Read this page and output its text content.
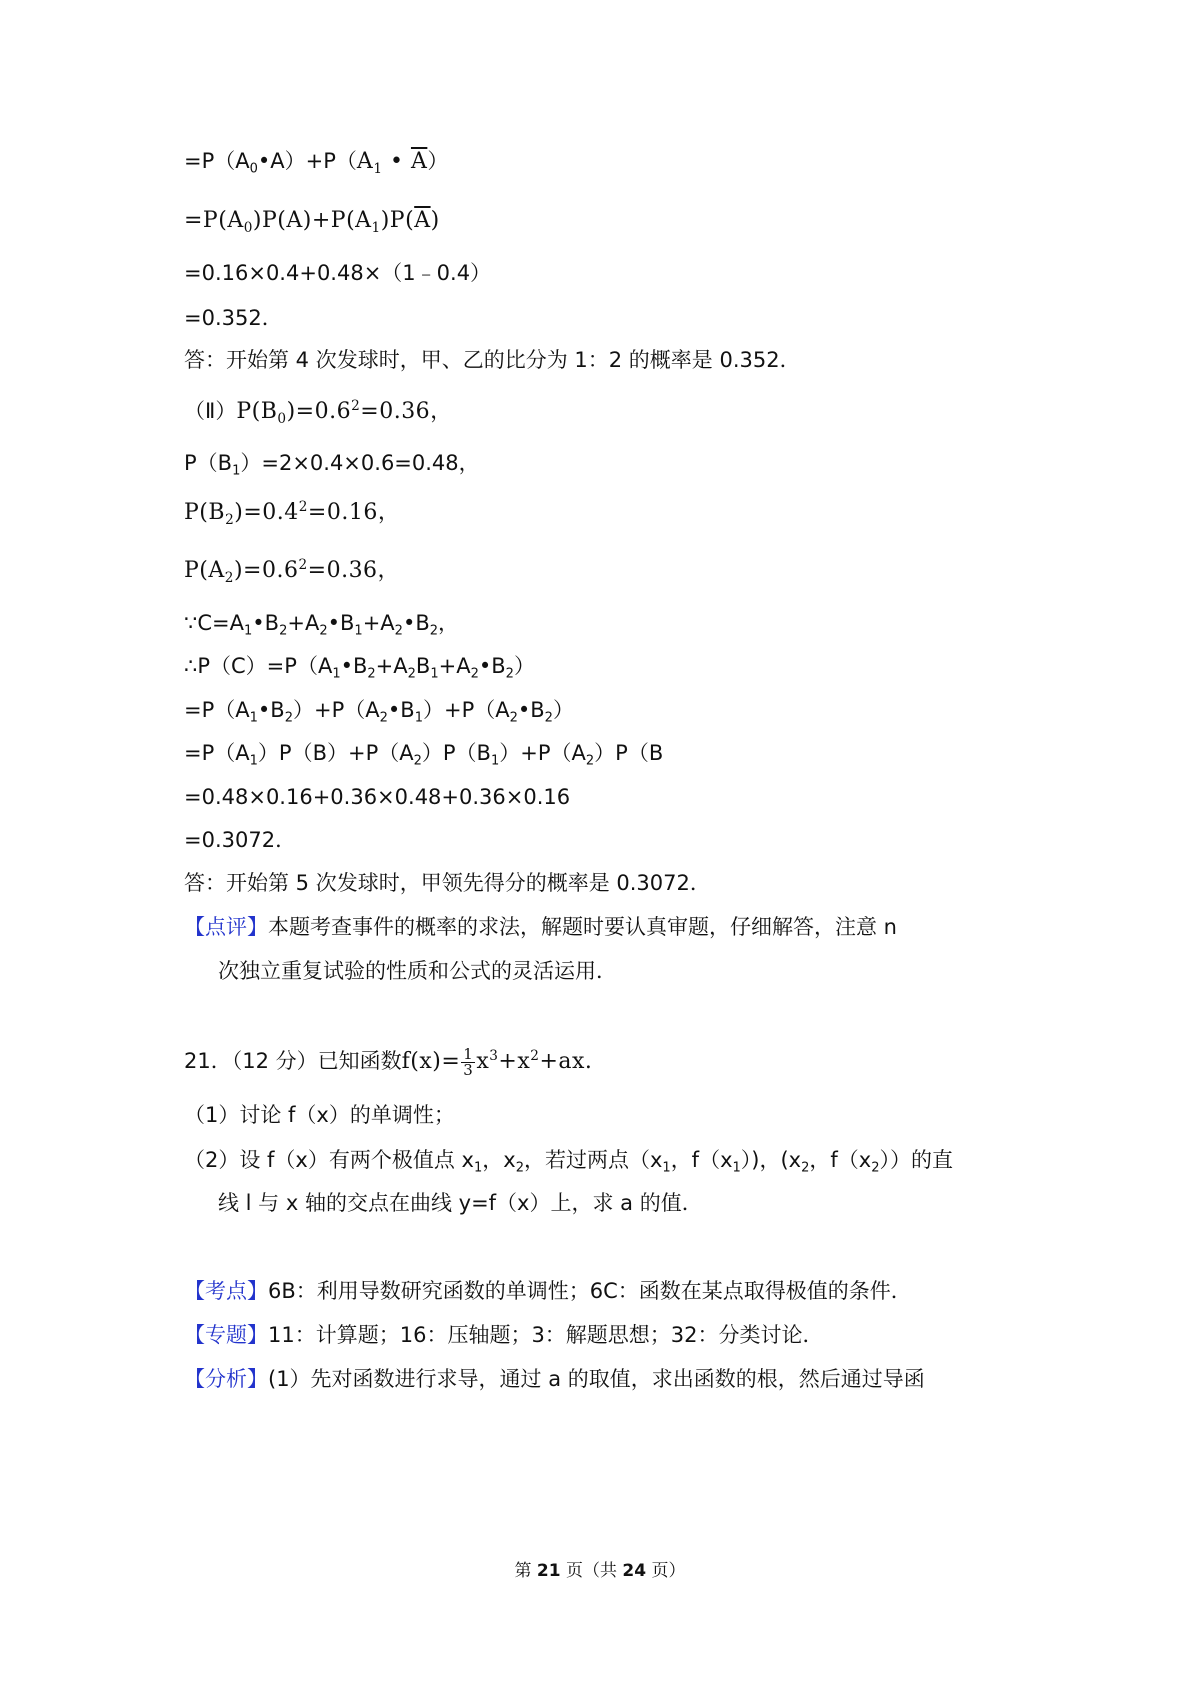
$=P(A_0•A)+P(A_1$ • $\overline{A}$）
$=P(A_0)P(A)+P(A_1)P(\overline{A})$
=0.16×0.4+0.48×（1﹣0.4）
=0.352．
答：开始第 4 次发球时，甲、乙的比分为 1：2 的概率是 0.352．
$(Ⅱ)P(B_0)=0.6^2=0.36$，
$P(B_1)=2\times 0.4\times 0.6=0.48$，
$P(B_2)=0.4^2=0.16$，
$P(A_2)=0.6^2=0.36$，
$\because C=A_1•B_2+A_2•B_1+A_2•B_2$，
$\therefore P(C)=P(A_1•B_2+A_2B_1+A_2•B_2)$
$=P(A_1•B_2)+P(A_2•B_1)+P(A_2•B_2)$
$=P(A_1)P(B)+P(A_2)P(B_1)+P(A_2)P(B$
=0.48×0.16+0.36×0.48+0.36×0.16
=0.3072．
答：开始第 5 次发球时，甲领先得分的概率是 0.3072．
【点评】本题考查事件的概率的求法，解题时要认真审题，仔细解答，注意 n
次独立重复试验的性质和公式的灵活运用．
21．（12 分）已知函数$f(x)= \frac{1}{3} x^3+x^2+ax$.
（1）讨论 f（x）的单调性；
（2）设 f（x）有两个极值点 $x_1$，$x_2$，若过两点（$x_1$，$f(x_1)$)，($x_2$，$f(x_2)$）的直
线 l 与 x 轴的交点在曲线 y=f（x）上，求 a 的值．
【考点】6B：利用导数研究函数的单调性；6C：函数在某点取得极值的条件．
【专题】11：计算题；16：压轴题；3：解题思想；32：分类讨论．
【分析】(1）先对函数进行求导，通过 a 的取值，求出函数的根，然后通过导函
第 21 页（共 24 页）
